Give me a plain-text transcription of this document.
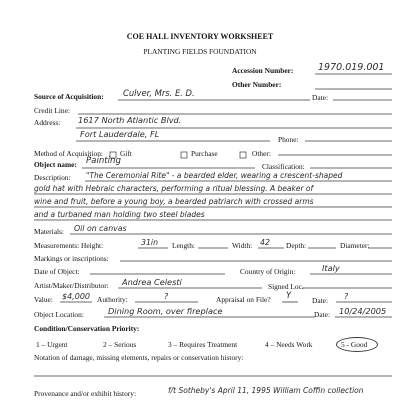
COE HALL INVENTORY WORKSHEET
PLANTING FIELDS FOUNDATION
Accession Number:	1970.019.001
Other Number:
Source of Acquisition: Culver, Mrs. E. D.	Date:
Credit Line:
Address: 1617 North Atlantic Blvd.
Fort Lauderdale, FL
Phone:
Method of Acquisition: Gift	Purchase	Other:
Object name: Painting
Classification:
Description: "The Ceremonial Rite" - a bearded elder, wearing a crescent-shaped
gold hat with Hebraic characters, performing a ritual blessing. A beaker of
wine and fruit, before a young boy, a bearded patriarch with crossed arms
and a turbaned man holding two steel blades
Materials: Oil on canvas
Measurements: Height:	31in Length:	Width: 42 Depth:	Diameter:
Markings or inscriptions:
Date of Object:	Country of Origin:	Italy
Artist/Maker/Distributor: Andrea Celesti	Signed Loc.
Value: $4,000 Authority:	?	Appraisal on File? Y
Date: ?
Object Location:	Dining Room, over fireplace	Date: 10/24/2005
Condition/Conservation Priority:
1 – Urgent	2 – Serious	3 – Requires Treatment	4 – Needs Work	5 - Good
Notation of damage, missing elements, repairs or conservation history:
Provenance and/or exhibit history:	f/t Sotheby's April 11, 1995 William Coffin collection
